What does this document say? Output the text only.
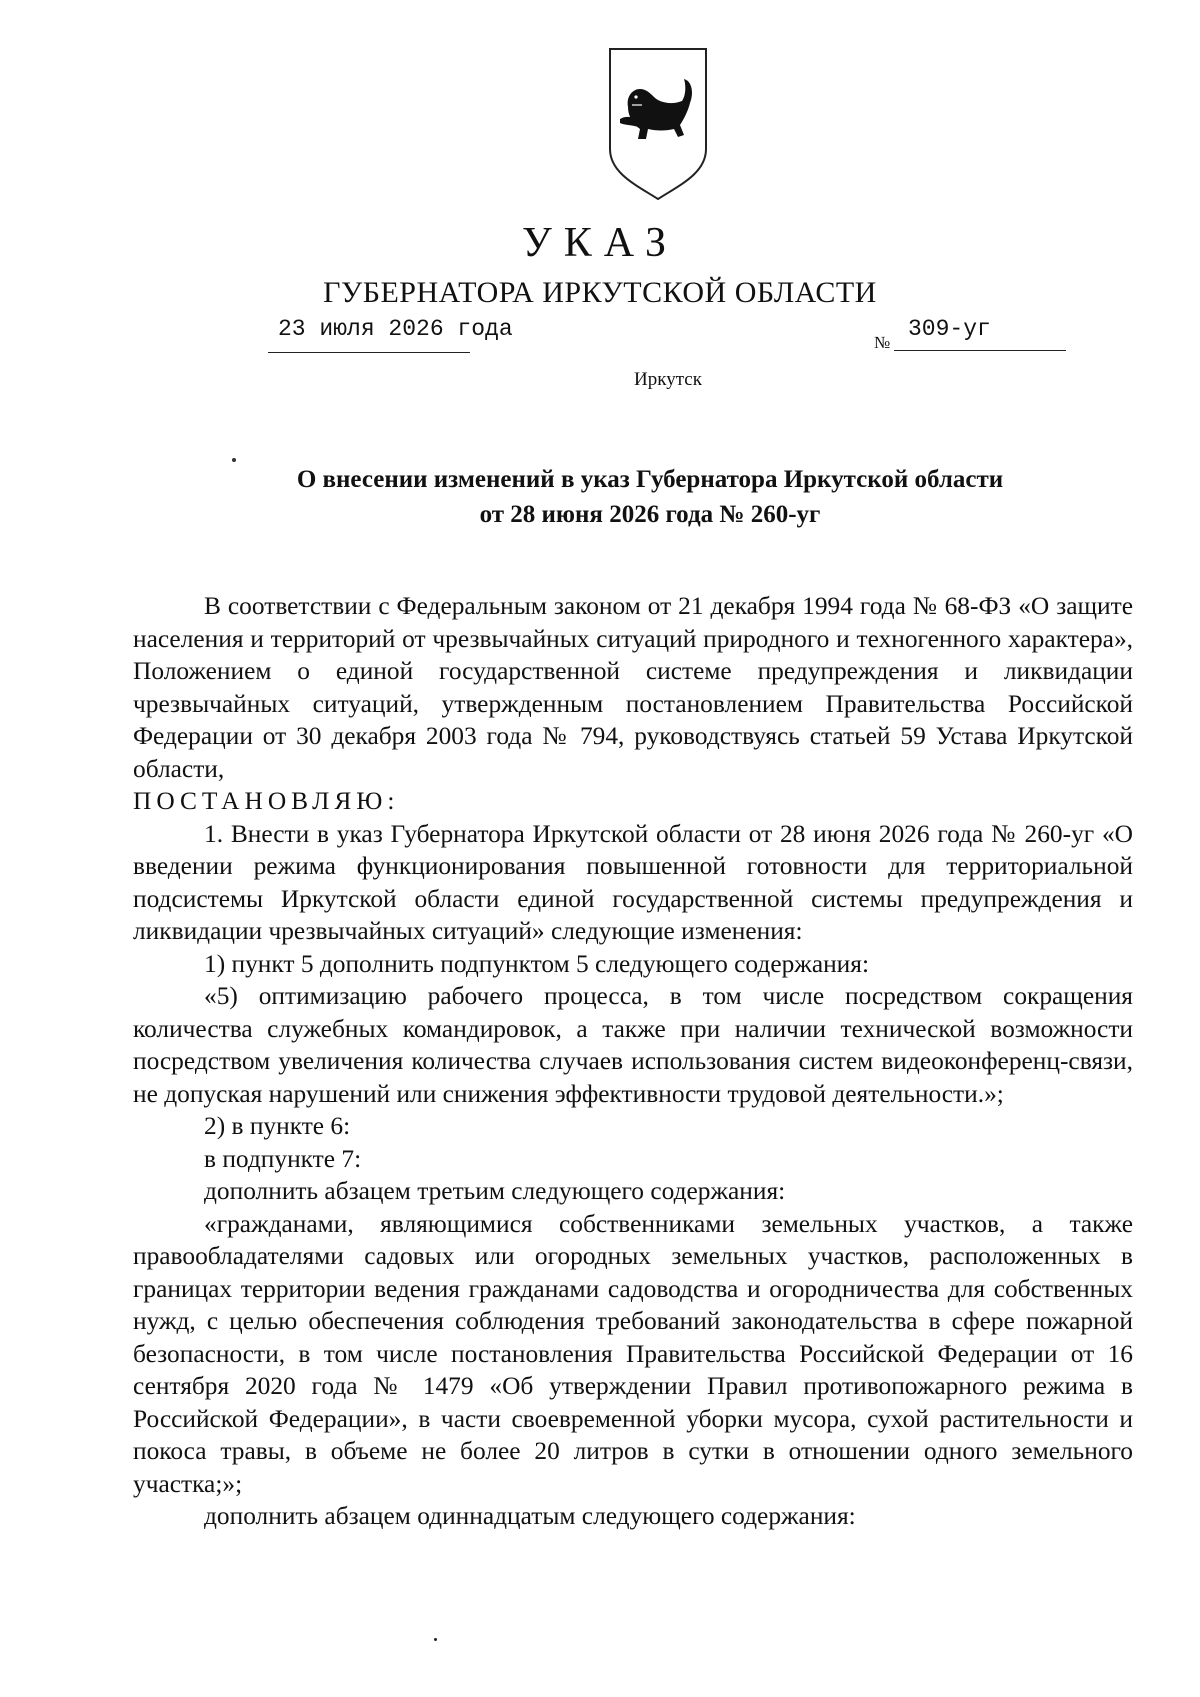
УКАЗ
ГУБЕРНАТОРА ИРКУТСКОЙ ОБЛАСТИ
23 июля 2026 года
№
309-уг
Иркутск
О внесении изменений в указ Губернатора Иркутской области
от 28 июня 2026 года № 260-уг

В соответствии с Федеральным законом от 21 декабря 1994 года № 68-ФЗ «О защите населения и территорий от чрезвычайных ситуаций природного и техногенного характера», Положением о единой государственной системе предупреждения и ликвидации чрезвычайных ситуаций, утвержденным постановлением Правительства Российской Федерации от 30 декабря 2003 года № 794, руководствуясь статьей 59 Устава Иркутской области,

ПОСТАНОВЛЯЮ:

1. Внести в указ Губернатора Иркутской области от 28 июня 2026 года № 260-уг «О введении режима функционирования повышенной готовности для территориальной подсистемы Иркутской области единой государственной системы предупреждения и ликвидации чрезвычайных ситуаций» следующие изменения:

1) пункт 5 дополнить подпунктом 5 следующего содержания:

«5) оптимизацию рабочего процесса, в том числе посредством сокращения количества служебных командировок, а также при наличии технической возможности посредством увеличения количества случаев использования систем видеоконференц-связи, не допуская нарушений или снижения эффективности трудовой деятельности.»;

2) в пункте 6:

в подпункте 7:

дополнить абзацем третьим следующего содержания:

«гражданами, являющимися собственниками земельных участков, а также правообладателями садовых или огородных земельных участков, расположенных в границах территории ведения гражданами садоводства и огородничества для собственных нужд, с целью обеспечения соблюдения требований законодательства в сфере пожарной безопасности, в том числе постановления Правительства Российской Федерации от 16 сентября 2020 года № 1479 «Об утверждении Правил противопожарного режима в Российской Федерации», в части своевременной уборки мусора, сухой растительности и покоса травы, в объеме не более 20 литров в сутки в отношении одного земельного участка;»;

дополнить абзацем одиннадцатым следующего содержания:
